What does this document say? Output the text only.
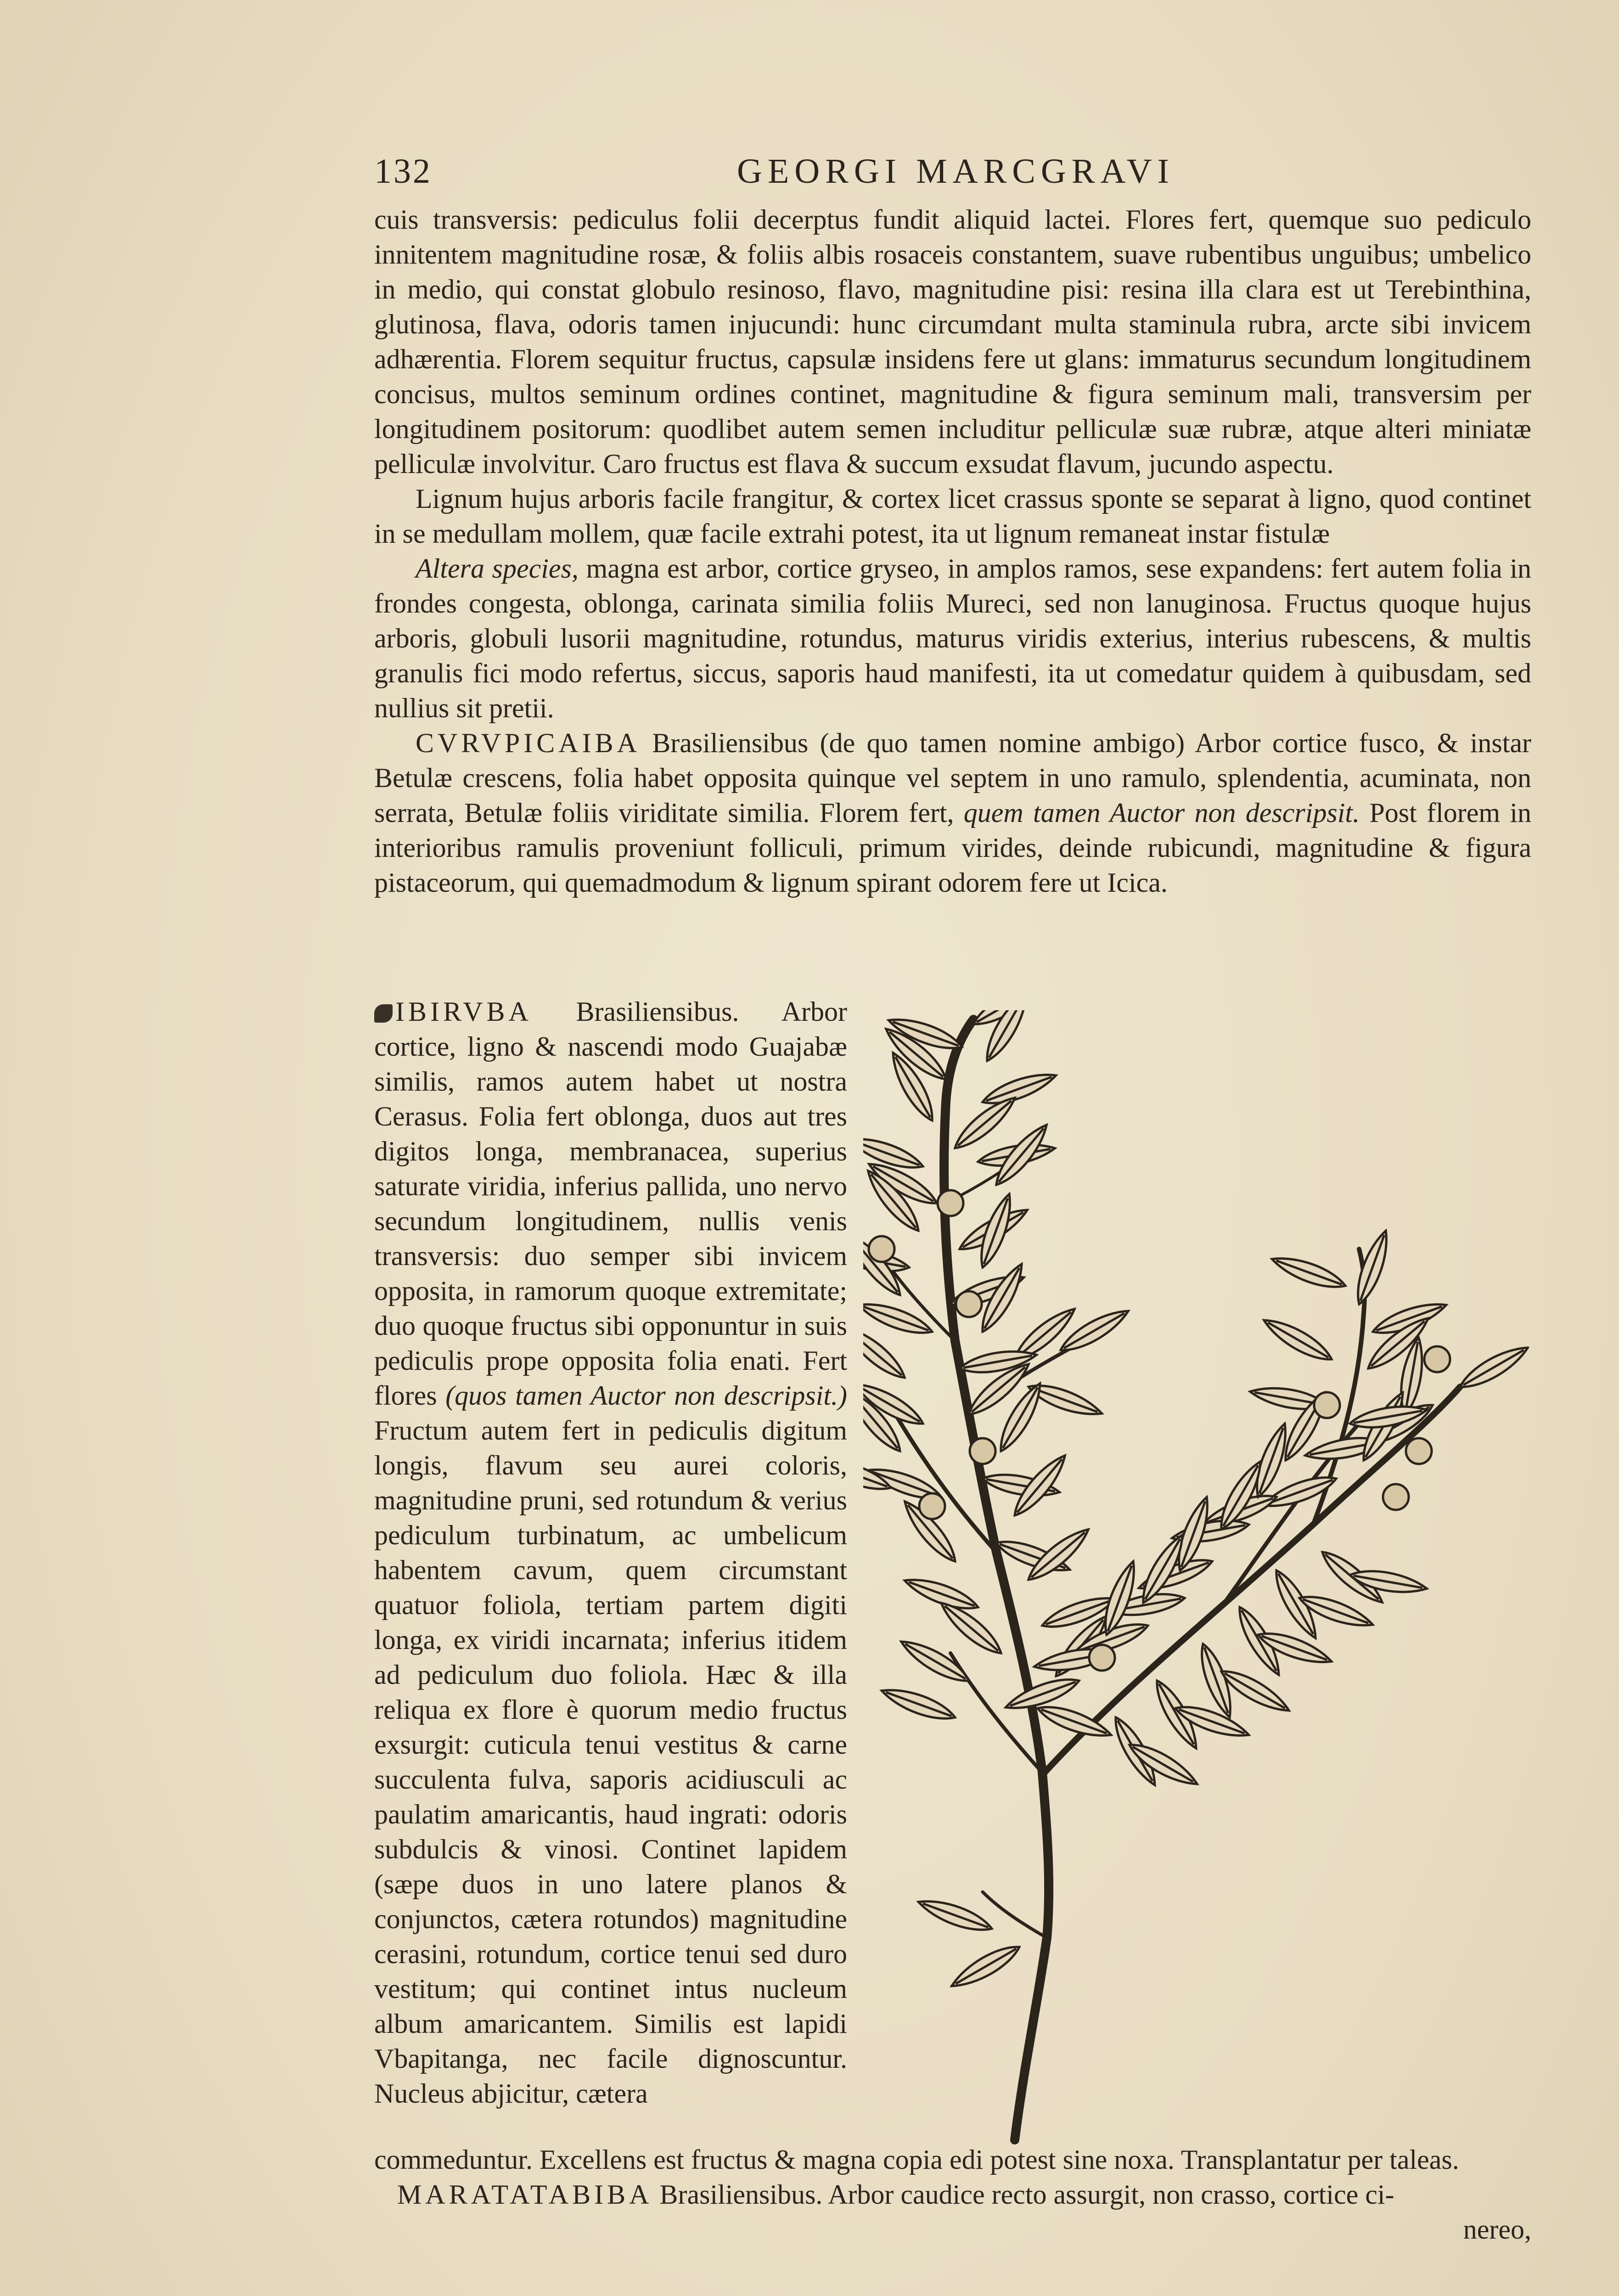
132	GEORGI MARCGRAVI

cuis transversis: pediculus folii decerptus fundit aliquid lactei. Flores fert, quemque suo pediculo innitentem magnitudine rosæ, & foliis albis rosaceis constantem, suave rubentibus unguibus; umbelico in medio, qui constat globulo resinoso, flavo, magnitudine pisi: resina illa clara est ut Terebinthina, glutinosa, flava, odoris tamen injucundi: hunc circumdant multa staminula rubra, arcte sibi invicem adhærentia. Florem sequitur fructus, capsulæ insidens fere ut glans: immaturus secundum longitudinem concisus, multos seminum ordines continet, magnitudine & figura seminum mali, transversim per longitudinem positorum: quodlibet autem semen includitur pelliculæ suæ rubræ, atque alteri miniatæ pelliculæ involvitur. Caro fructus est flava & succum exsudat flavum, jucundo aspectu.

Lignum hujus arboris facile frangitur, & cortex licet crassus sponte se separat à ligno, quod continet in se medullam mollem, quæ facile extrahi potest, ita ut lignum remaneat instar fistulæ

Altera species, magna est arbor, cortice gryseo, in amplos ramos, sese expandens: fert autem folia in frondes congesta, oblonga, carinata similia foliis Mureci, sed non lanuginosa. Fructus quoque hujus arboris, globuli lusorii magnitudine, rotundus, maturus viridis exterius, interius rubescens, & multis granulis fici modo refertus, siccus, saporis haud manifesti, ita ut comedatur quidem à quibusdam, sed nullius sit pretii.

CVRVPICAIBA Brasiliensibus (de quo tamen nomine ambigo) Arbor cortice fusco, & instar Betulæ crescens, folia habet opposita quinque vel septem in uno ramulo, splendentia, acuminata, non serrata, Betulæ foliis viriditate similia. Florem fert, quem tamen Auctor non descripsit. Post florem in interioribus ramulis proveniunt folliculi, primum virides, deinde rubicundi, magnitudine & figura pistaceorum, qui quemadmodum & lignum spirant odorem fere ut Icica.

IBIRVBA Brasiliensibus. Arbor cortice, ligno & nascendi modo Guajabæ similis, ramos autem habet ut nostra Cerasus. Folia fert oblonga, duos aut tres digitos longa, membranacea, superius saturate viridia, inferius pallida, uno nervo secundum longitudinem, nullis venis transversis: duo semper sibi invicem opposita, in ramorum quoque extremitate; duo quoque fructus sibi opponuntur in suis pediculis prope opposita folia enati. Fert flores (quos tamen Auctor non descripsit.) Fructum autem fert in pediculis digitum longis, flavum seu aurei coloris, magnitudine pruni, sed rotundum & verius pediculum turbinatum, ac umbelicum habentem cavum, quem circumstant quatuor foliola, tertiam partem digiti longa, ex viridi incarnata; inferius itidem ad pediculum duo foliola. Hæc & illa reliqua ex flore è quorum medio fructus exsurgit: cuticula tenui vestitus & carne succulenta fulva, saporis acidiusculi ac paulatim amaricantis, haud ingrati: odoris subdulcis & vinosi. Continet lapidem (sæpe duos in uno latere planos & conjunctos, cætera rotundos) magnitudine cerasini, rotundum, cortice tenui sed duro vestitum; qui continet intus nucleum album amaricantem. Similis est lapidi Vbapitanga, nec facile dignoscuntur. Nucleus abjicitur, cætera

commeduntur. Excellens est fructus & magna copia edi potest sine noxa. Transplantatur per taleas.

MARATATABIBA Brasiliensibus. Arbor caudice recto assurgit, non crasso, cortice ci-

nereo,
